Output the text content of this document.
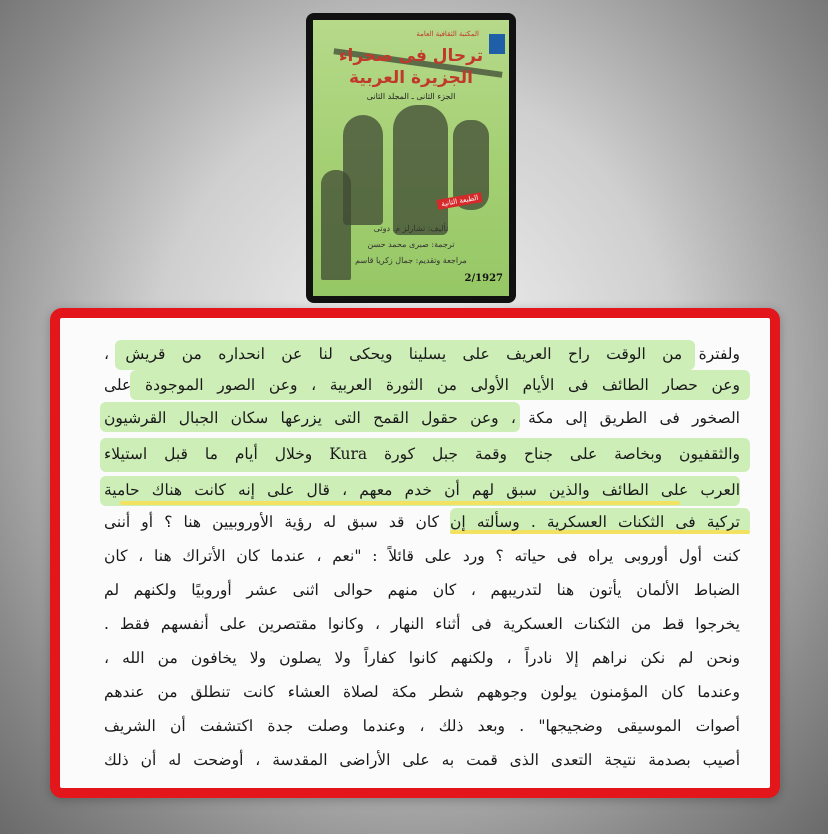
المكتبة الثقافية العامة
ترحال فى صحراء
الجزيرة العربية
الجزء الثانى ـ المجلد الثانى
الطبعة الثانية
تأليف: تشارلز م. دوتى
ترجمة: صبرى محمد حسن
مراجعة وتقديم: جمال زكريا قاسم
2/1927
ولفترة من الوقت راح العريف على يسلينا ويحكى لنا عن انحداره من قريش ،
وعن حصار الطائف فى الأيام الأولى من الثورة العربية ، وعن الصور الموجودة على
الصخور فى الطريق إلى مكة ، وعن حقول القمح التى يزرعها سكان الجبال القرشيون
والثقفيون وبخاصة على جناح وقمة جبل كورة Kura وخلال أيام ما قبل استيلاء
العرب على الطائف والذين سبق لهم أن خدم معهم ، قال على إنه كانت هناك حامية
تركية فى الثكنات العسكرية . وسألته إن كان قد سبق له رؤية الأوروبيين هنا ؟ أو أننى
كنت أول أوروبى يراه فى حياته ؟ ورد على قائلاً : "نعم ، عندما كان الأتراك هنا ، كان
الضباط الألمان يأتون هنا لتدريبهم ، كان منهم حوالى اثنى عشر أوروبيًا ولكنهم لم
يخرجوا قط من الثكنات العسكرية فى أثناء النهار ، وكانوا مقتصرين على أنفسهم فقط .
ونحن لم نكن نراهم إلا نادراً ، ولكنهم كانوا كفاراً ولا يصلون ولا يخافون من الله ،
وعندما كان المؤمنون يولون وجوههم شطر مكة لصلاة العشاء كانت تنطلق من عندهم
أصوات الموسيقى وضجيجها" . وبعد ذلك ، وعندما وصلت جدة اكتشفت أن الشريف
أصيب بصدمة نتيجة التعدى الذى قمت به على الأراضى المقدسة ، أوضحت له أن ذلك
